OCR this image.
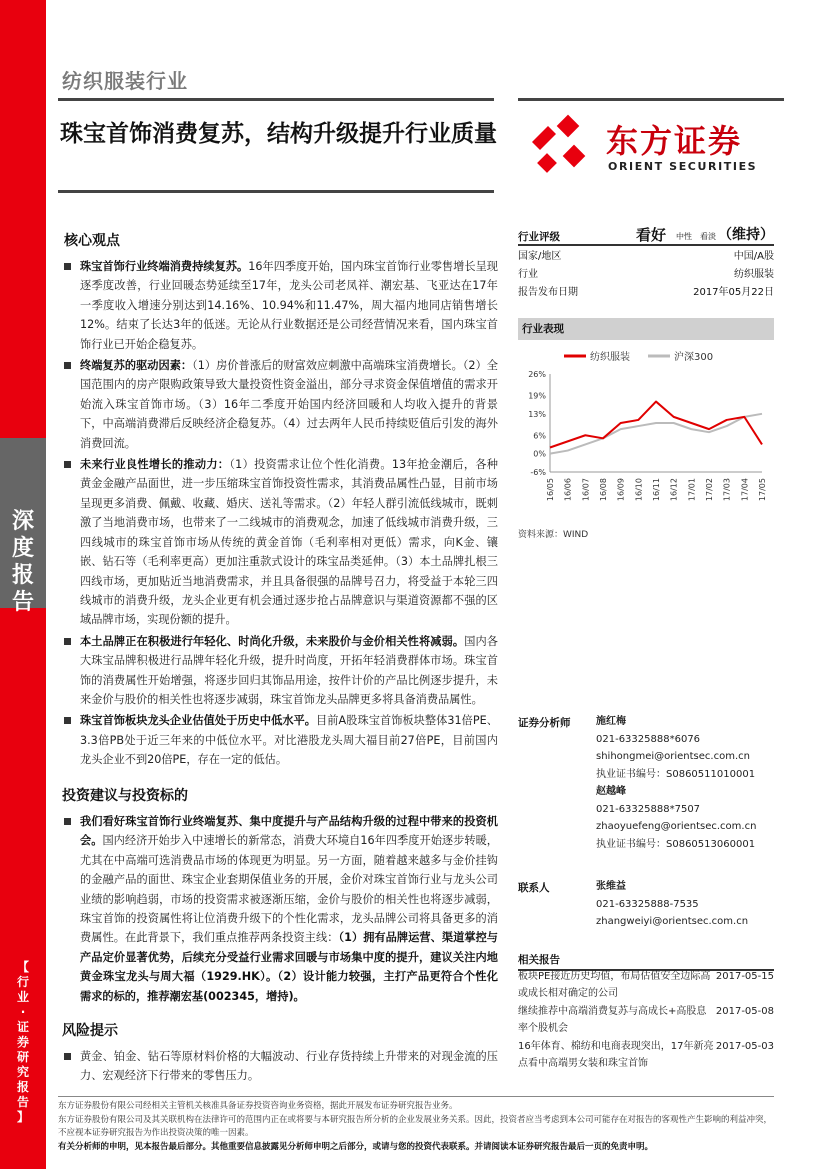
深
度
报
告
【
行
业
·
证
券
研
究
报
告
】
纺织服装行业
珠宝首饰消费复苏，结构升级提升行业质量	东方证券
ORIENT SECURITIES
核心观点
珠宝首饰行业终端消费持续复苏。16年四季度开始，国内珠宝首饰行业零售增长呈现逐季度改善，行业回暖态势延续至17年，龙头公司老凤祥、潮宏基、飞亚达在17年一季度收入增速分别达到14.16%、10.94%和11.47%，周大福内地同店销售增长12%。结束了长达3年的低迷。无论从行业数据还是公司经营情况来看，国内珠宝首饰行业已开始企稳复苏。
终端复苏的驱动因素：（1）房价普涨后的财富效应刺激中高端珠宝消费增长。（2）全国范围内的房产限购政策导致大量投资性资金溢出，部分寻求资金保值增值的需求开始流入珠宝首饰市场。（3）16年二季度开始国内经济回暖和人均收入提升的背景下，中高端消费滞后反映经济企稳复苏。（4）过去两年人民币持续贬值后引发的海外消费回流。
未来行业良性增长的推动力：（1）投资需求让位个性化消费。13年抢金潮后，各种黄金金融产品面世，进一步压缩珠宝首饰投资性需求，其消费品属性凸显，目前市场呈现更多消费、佩戴、收藏、婚庆、送礼等需求。（2）年轻人群引流低线城市，既刺激了当地消费市场，也带来了一二线城市的消费观念，加速了低线城市消费升级，三四线城市的珠宝首饰市场从传统的黄金首饰（毛利率相对更低）需求，向K金、镶嵌、钻石等（毛利率更高）更加注重款式设计的珠宝品类延伸。（3）本土品牌扎根三四线市场，更加贴近当地消费需求，并且具备很强的品牌号召力，将受益于本轮三四线城市的消费升级，龙头企业更有机会通过逐步抢占品牌意识与渠道资源都不强的区域品牌市场，实现份额的提升。
本土品牌正在积极进行年轻化、时尚化升级，未来股价与金价相关性将减弱。国内各大珠宝品牌积极进行品牌年轻化升级，提升时尚度，开拓年轻消费群体市场。珠宝首饰的消费属性开始增强，将逐步回归其饰品用途，按件计价的产品比例逐步提升，未来金价与股价的相关性也将逐步减弱，珠宝首饰龙头品牌更多将具备消费品属性。
珠宝首饰板块龙头企业估值处于历史中低水平。目前A股珠宝首饰板块整体31倍PE、3.3倍PB处于近三年来的中低位水平。对比港股龙头周大福目前27倍PE，目前国内龙头企业不到20倍PE，存在一定的低估。
投资建议与投资标的
我们看好珠宝首饰行业终端复苏、集中度提升与产品结构升级的过程中带来的投资机会。国内经济开始步入中速增长的新常态，消费大环境自16年四季度开始逐步转暖，尤其在中高端可选消费品市场的体现更为明显。另一方面，随着越来越多与金价挂钩的金融产品的面世、珠宝企业套期保值业务的开展，金价对珠宝首饰行业与龙头公司业绩的影响趋弱，市场的投资需求被逐渐压缩，金价与股价的相关性也将逐步减弱，珠宝首饰的投资属性将让位消费升级下的个性化需求，龙头品牌公司将具备更多的消费属性。在此背景下，我们重点推荐两条投资主线：（1）拥有品牌运营、渠道掌控与产品定价显著优势，后续充分受益行业需求回暖与市场集中度的提升，建议关注内地黄金珠宝龙头与周大福（1929.HK）。（2）设计能力较强，主打产品更符合个性化需求的标的，推荐潮宏基(002345，增持)。
风险提示
黄金、铂金、钻石等原材料价格的大幅波动、行业存货持续上升带来的对现金流的压力、宏观经济下行带来的零售压力。
行业评级	看好 中性 看淡 （维持）
国家/地区	中国/A股
行业	纺织服装
报告发布日期	2017年05月22日
行业表现
纺织服装	沪深300
26%
19%
13%
6%
0%
-6%
16/05 16/06 16/07 16/08 16/09 16/10 16/11 16/12 17/01 17/02 17/03 17/04 17/05
资料来源：WIND
证券分析师	施红梅
021-63325888*6076
shihongmei@orientsec.com.cn
执业证书编号：S0860511010001
赵越峰
021-63325888*7507
zhaoyuefeng@orientsec.com.cn
执业证书编号：S0860513060001
联系人	张维益
021-63325888-7535
zhangweiyi@orientsec.com.cn
相关报告
板块PE接近历史均值，布局估值安全边际高或成长相对确定的公司
2017-05-15
继续推荐中高端消费复苏与高成长+高股息率个股机会
2017-05-08
16年体育、棉纺和电商表现突出，17年新亮点看中高端男女装和珠宝首饰
2017-05-03
东方证券股份有限公司经相关主管机关核准具备证券投资咨询业务资格，据此开展发布证券研究报告业务。
东方证券股份有限公司及其关联机构在法律许可的范围内正在或将要与本研究报告所分析的企业发展业务关系。因此，投资者应当考虑到本公司可能存在对报告的客观性产生影响的利益冲突，不应视本证券研究报告为作出投资决策的唯一因素。
有关分析师的申明，见本报告最后部分。其他重要信息披露见分析师申明之后部分，或请与您的投资代表联系。并请阅读本证券研究报告最后一页的免责申明。
